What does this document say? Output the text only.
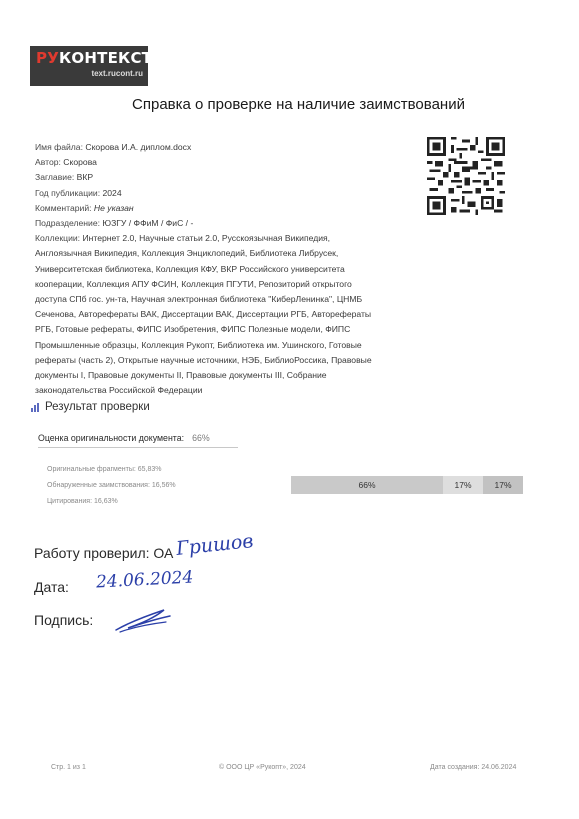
РУКОНТЕКСТ
text.rucont.ru
Справка о проверке на наличие заимствований
Имя файла: Скорова И.А. диплом.docx
Автор: Скорова
Заглавие: ВКР
Год публикации: 2024
Комментарий: Не указан
Подразделение: ЮЗГУ / ФФиМ / ФиС / -
Коллекции: Интернет 2.0, Научные статьи 2.0, Русскоязычная Википедия, Англоязычная Википедия, Коллекция Энциклопедий, Библиотека Либрусек, Университетская библиотека, Коллекция КФУ, ВКР Российского университета кооперации, Коллекция АПУ ФСИН, Коллекция ПГУТИ, Репозиторий открытого доступа СПб гос. ун-та, Научная электронная библиотека "КиберЛенинка", ЦНМБ Сеченова, Авторефераты ВАК, Диссертации ВАК, Диссертации РГБ, Авторефераты РГБ, Готовые рефераты, ФИПС Изобретения, ФИПС Полезные модели, ФИПС Промышленные образцы, Коллекция Рукопт, Библиотека им. Ушинского, Готовые рефераты (часть 2), Открытые научные источники, НЭБ, БиблиоРоссика, Правовые документы I, Правовые документы II, Правовые документы III, Собрание законодательства Российской Федерации
Результат проверки
Оценка оригинальности документа: 66%
Оригинальные фрагменты: 65,83%
Обнаруженные заимствования: 16,56%
Цитирования: 16,63%
66%	17%	17%
Работу проверил: ОА Гришов
Дата: 24.06.2024
Подпись:
Стр. 1 из 1	© ООО ЦР «Рукопт», 2024	Дата создания: 24.06.2024
